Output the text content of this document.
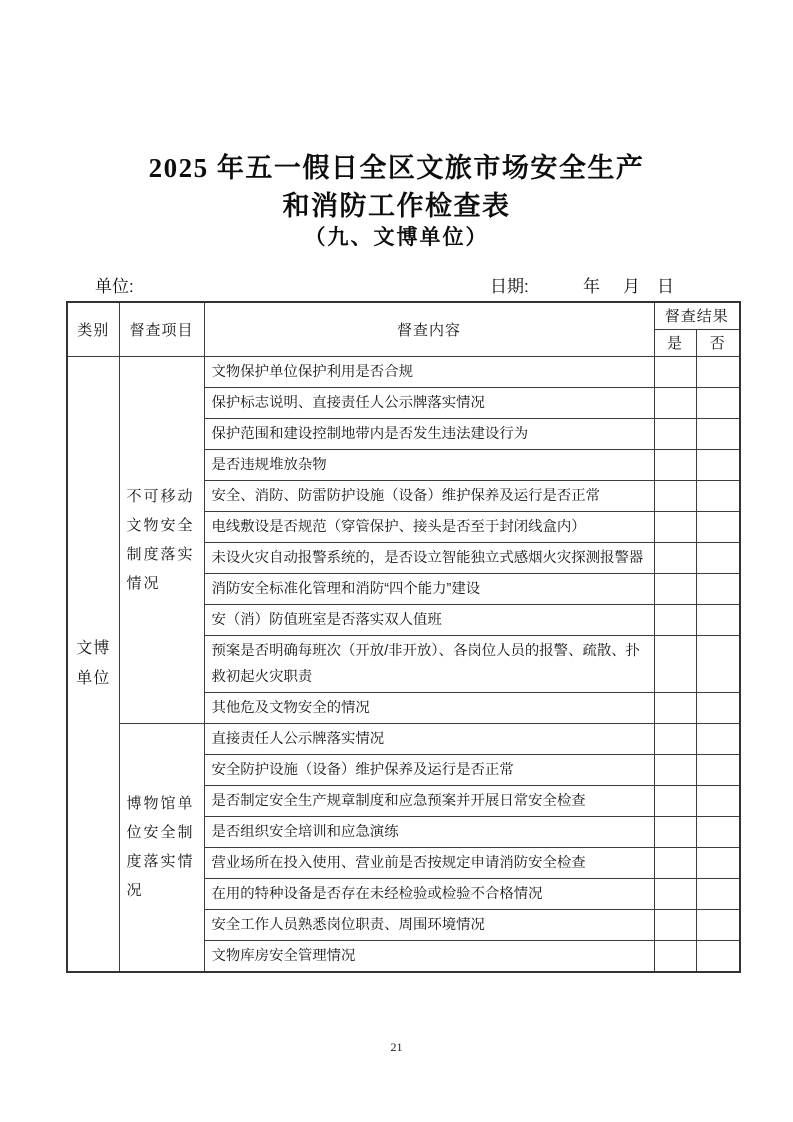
2025 年五一假日全区文旅市场安全生产
和消防工作检查表
（九、文博单位）
单位:	日期:	年 月 日
类别	督查项目	督查内容	督查结果	
			是	否
文博单位	不可移动文物安全制度落实情况	文物保护单位保护利用是否合规		
		保护标志说明、直接责任人公示牌落实情况		
		保护范围和建设控制地带内是否发生违法建设行为		
		是否违规堆放杂物		
		安全、消防、防雷防护设施（设备）维护保养及运行是否正常		
		电线敷设是否规范（穿管保护、接头是否至于封闭线盒内）		
		未设火灾自动报警系统的，是否设立智能独立式感烟火灾探测报警器		
		消防安全标准化管理和消防“四个能力”建设		
		安（消）防值班室是否落实双人值班		
		预案是否明确每班次（开放/非开放）、各岗位人员的报警、疏散、扑救初起火灾职责		
		其他危及文物安全的情况		
	博物馆单位安全制度落实情况	直接责任人公示牌落实情况		
		安全防护设施（设备）维护保养及运行是否正常		
		是否制定安全生产规章制度和应急预案并开展日常安全检查		
		是否组织安全培训和应急演练		
		营业场所在投入使用、营业前是否按规定申请消防安全检查		
		在用的特种设备是否存在未经检验或检验不合格情况		
		安全工作人员熟悉岗位职责、周围环境情况		
		文物库房安全管理情况		
21
